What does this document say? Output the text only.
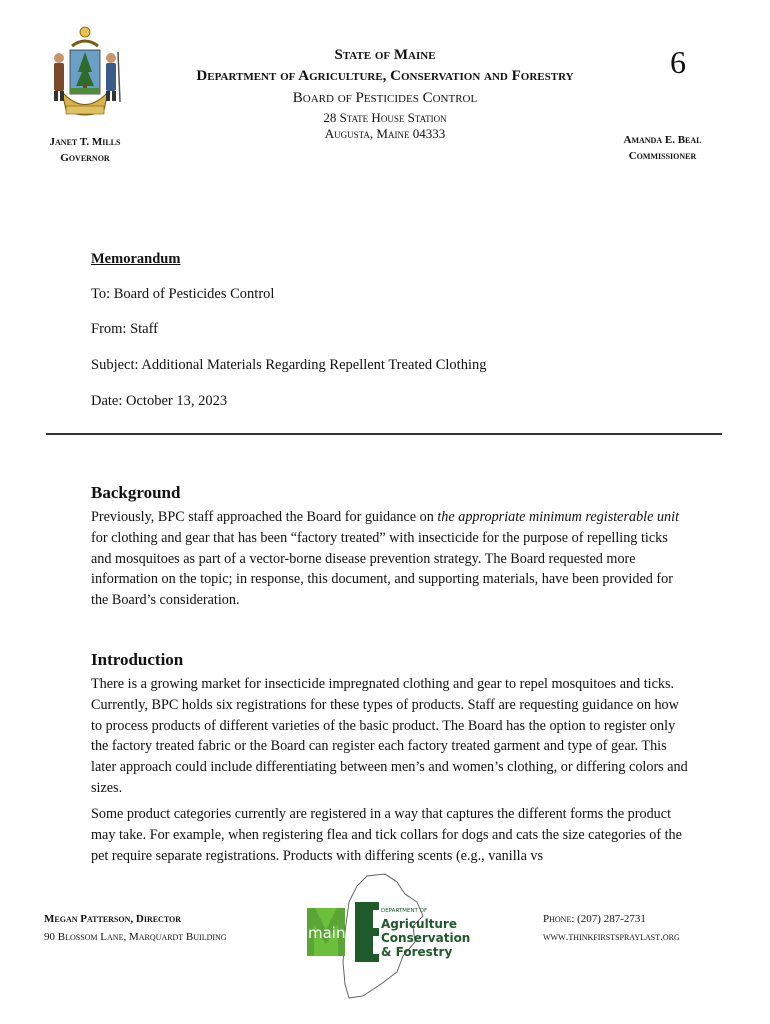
State of Maine
Department of Agriculture, Conservation and Forestry
Board of Pesticides Control
28 State House Station
Augusta, Maine 04333
6
Janet T. Mills
Governor
Amanda E. Beal
Commissioner
Memorandum
To: Board of Pesticides Control
From: Staff
Subject: Additional Materials Regarding Repellent Treated Clothing
Date: October 13, 2023
Background
Previously, BPC staff approached the Board for guidance on the appropriate minimum registerable unit for clothing and gear that has been “factory treated” with insecticide for the purpose of repelling ticks and mosquitoes as part of a vector-borne disease prevention strategy. The Board requested more information on the topic; in response, this document, and supporting materials, have been provided for the Board’s consideration.
Introduction
There is a growing market for insecticide impregnated clothing and gear to repel mosquitoes and ticks. Currently, BPC holds six registrations for these types of products. Staff are requesting guidance on how to process products of different varieties of the basic product. The Board has the option to register only the factory treated fabric or the Board can register each factory treated garment and type of gear. This later approach could include differentiating between men’s and women’s clothing, or differing colors and sizes.
Some product categories currently are registered in a way that captures the different forms the product may take. For example, when registering flea and tick collars for dogs and cats the size categories of the pet require separate registrations. Products with differing scents (e.g., vanilla vs
Megan Patterson, Director
90 Blossom Lane, Marquardt Building
Phone: (207) 287-2731
www.thinkfirstspraylast.org
maine
DEPARTMENT OF
Agriculture
Conservation
& Forestry
